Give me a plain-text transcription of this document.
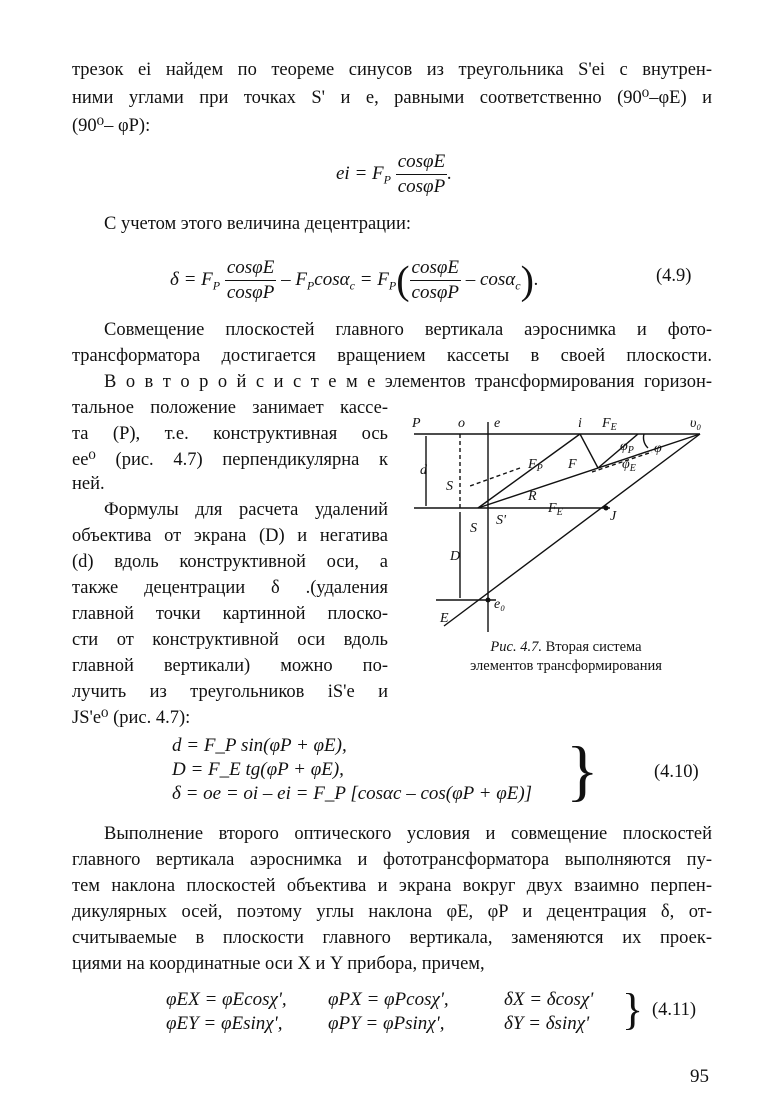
трезок ei найдем по теореме синусов из треугольника S'ei с внутрен-
ними углами при точках S' и e, равными соответственно (90⁰–φE) и
(90⁰– φP):
ei = $F_P \frac{\cos\varphi E}{\cos\varphi P}$ .
С учетом этого величина децентрации:
$\delta = F_P \frac{\cos\varphi E}{\cos\varphi P} - F_P\cos\alpha_c = F_P( \frac{\cos\varphi E}{\cos\varphi P} - \cos\alpha_c)$.	(4.9)
Совмещение плоскостей главного вертикала аэроснимка и фото-
трансформатора достигается вращением кассеты в своей плоскости.
В о в т о р о й с и с т е м е элементов трансформирования горизон-
тальное положение занимает кассе-
та (P), т.е. конструктивная ось
ee⁰ (рис. 4.7) перпендикулярна к
ней.
Формулы для расчета удалений
объектива от экрана (D) и негатива
(d) вдоль конструктивной оси, а
также децентрации δ .(удаления
главной точки картинной плоско-
сти от конструктивной оси вдоль
главной вертикали) можно по-
лучить из треугольников iS'e и
JS'e⁰ (рис. 4.7):
P	o e	i $F_E$	υ₀
$\varphi_P$ φ
$\varphi_E$
$F_P$ F
d
S
R
$F_E$	J
S
S'
D
e₀
E
Рис. 4.7. Вторая система
элементов трансформирования
d = F_P sin(φP + φE),
D = F_E tg(φP + φE),
δ = oe = oi – ei = F_P [cosαc – cos(φP + φE)] }	(4.10)
Выполнение второго оптического условия и совмещение плоскостей
главного вертикала аэроснимка и фототрансформатора выполняются пу-
тем наклона плоскостей объектива и экрана вокруг двух взаимно перпен-
дикулярных осей, поэтому углы наклона φE, φP и децентрация δ, от-
считываемые в плоскости главного вертикала, заменяются их проек-
циями на координатные оси X и Y прибора, причем,
φEX = φEcosχ', φPX = φPcosχ',	δX = δcosχ'
φEY = φEsinχ', φPY = φPsinχ',	δY = δsinχ' } (4.11)
95
